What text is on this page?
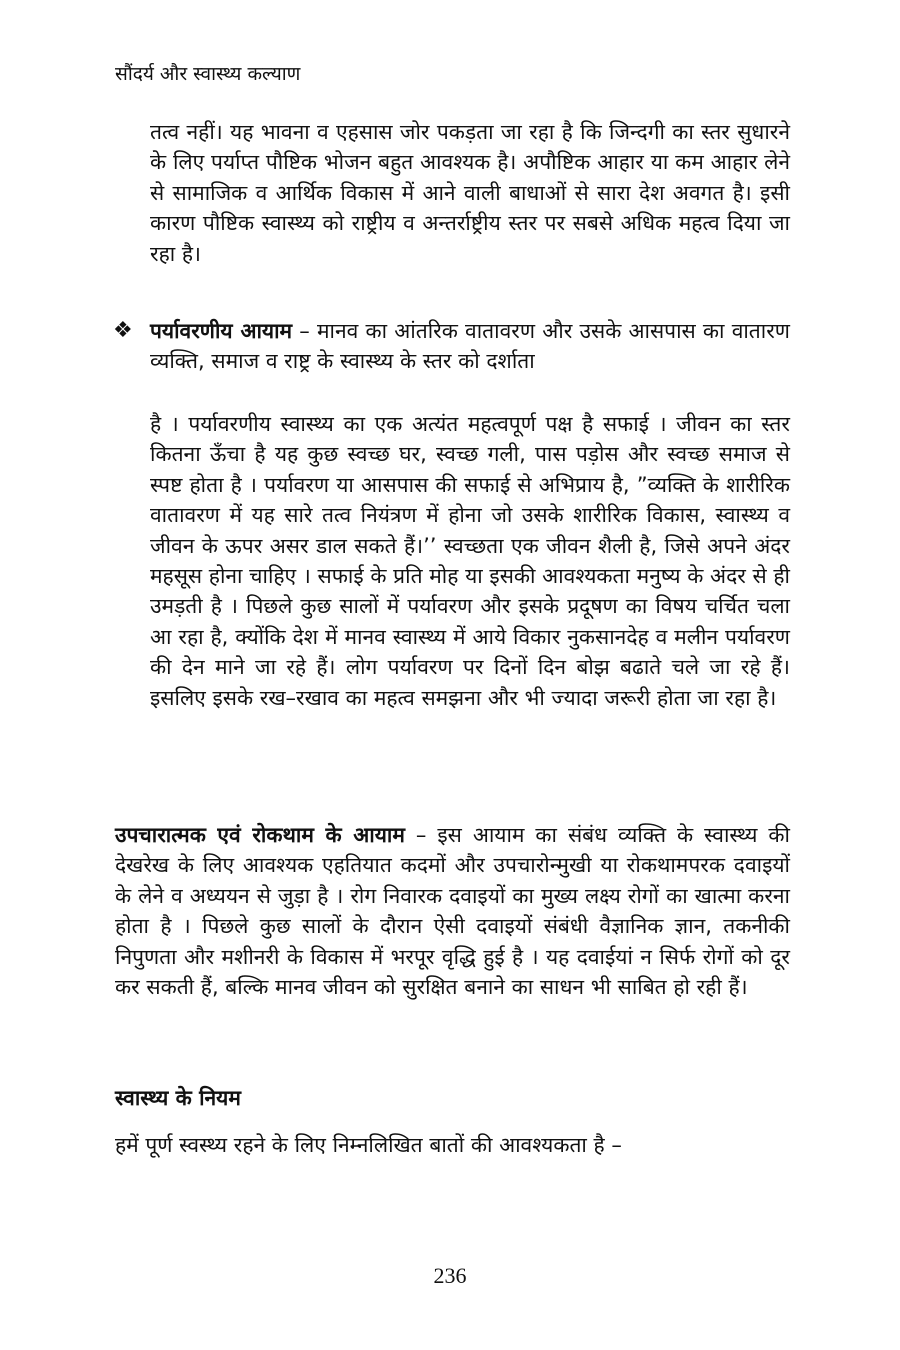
सौंदर्य और स्वास्थ्य कल्याण
तत्व नहीं। यह भावना व एहसास जोर पकड़ता जा रहा है कि जिन्दगी का स्तर सुधारने के लिए पर्याप्त पौष्टिक भोजन बहुत आवश्यक है। अपौष्टिक आहार या कम आहार लेने से सामाजिक व आर्थिक विकास में आने वाली बाधाओं से सारा देश अवगत है। इसी कारण पौष्टिक स्वास्थ्य को राष्ट्रीय व अन्तर्राष्ट्रीय स्तर पर सबसे अधिक महत्व दिया जा रहा है।
❖ पर्यावरणीय आयाम – मानव का आंतरिक वातावरण और उसके आसपास का वातारण व्यक्ति, समाज व राष्ट्र के स्वास्थ्य के स्तर को दर्शाता
है । पर्यावरणीय स्वास्थ्य का एक अत्यंत महत्वपूर्ण पक्ष है सफाई । जीवन का स्तर कितना ऊँचा है यह कुछ स्वच्छ घर, स्वच्छ गली, पास पड़ोस और स्वच्छ समाज से स्पष्ट होता है । पर्यावरण या आसपास की सफाई से अभिप्राय है, ”व्यक्ति के शारीरिक वातावरण में यह सारे तत्व नियंत्रण में होना जो उसके शारीरिक विकास, स्वास्थ्य व जीवन के ऊपर असर डाल सकते हैं।’’ स्वच्छता एक जीवन शैली है, जिसे अपने अंदर महसूस होना चाहिए । सफाई के प्रति मोह या इसकी आवश्यकता मनुष्य के अंदर से ही उमड़ती है । पिछले कुछ सालों में पर्यावरण और इसके प्रदूषण का विषय चर्चित चला आ रहा है, क्योंकि देश में मानव स्वास्थ्य में आये विकार नुकसानदेह व मलीन पर्यावरण की देन माने जा रहे हैं। लोग पर्यावरण पर दिनों दिन बोझ बढाते चले जा रहे हैं। इसलिए इसके रख–रखाव का महत्व समझना और भी ज्यादा जरूरी होता जा रहा है।
उपचारात्मक एवं रोकथाम के आयाम – इस आयाम का संबंध व्यक्ति के स्वास्थ्य की देखरेख के लिए आवश्यक एहतियात कदमों और उपचारोन्मुखी या रोकथामपरक दवाइयों के लेने व अध्ययन से जुड़ा है । रोग निवारक दवाइयों का मुख्य लक्ष्य रोगों का खात्मा करना होता है । पिछले कुछ सालों के दौरान ऐसी दवाइयों संबंधी वैज्ञानिक ज्ञान, तकनीकी निपुणता और मशीनरी के विकास में भरपूर वृद्धि हुई है । यह दवाईयां न सिर्फ रोगों को दूर कर सकती हैं, बल्कि मानव जीवन को सुरक्षित बनाने का साधन भी साबित हो रही हैं।
स्वास्थ्य के नियम
हमें पूर्ण स्वस्थ्य रहने के लिए निम्नलिखित बातों की आवश्यकता है –
236
